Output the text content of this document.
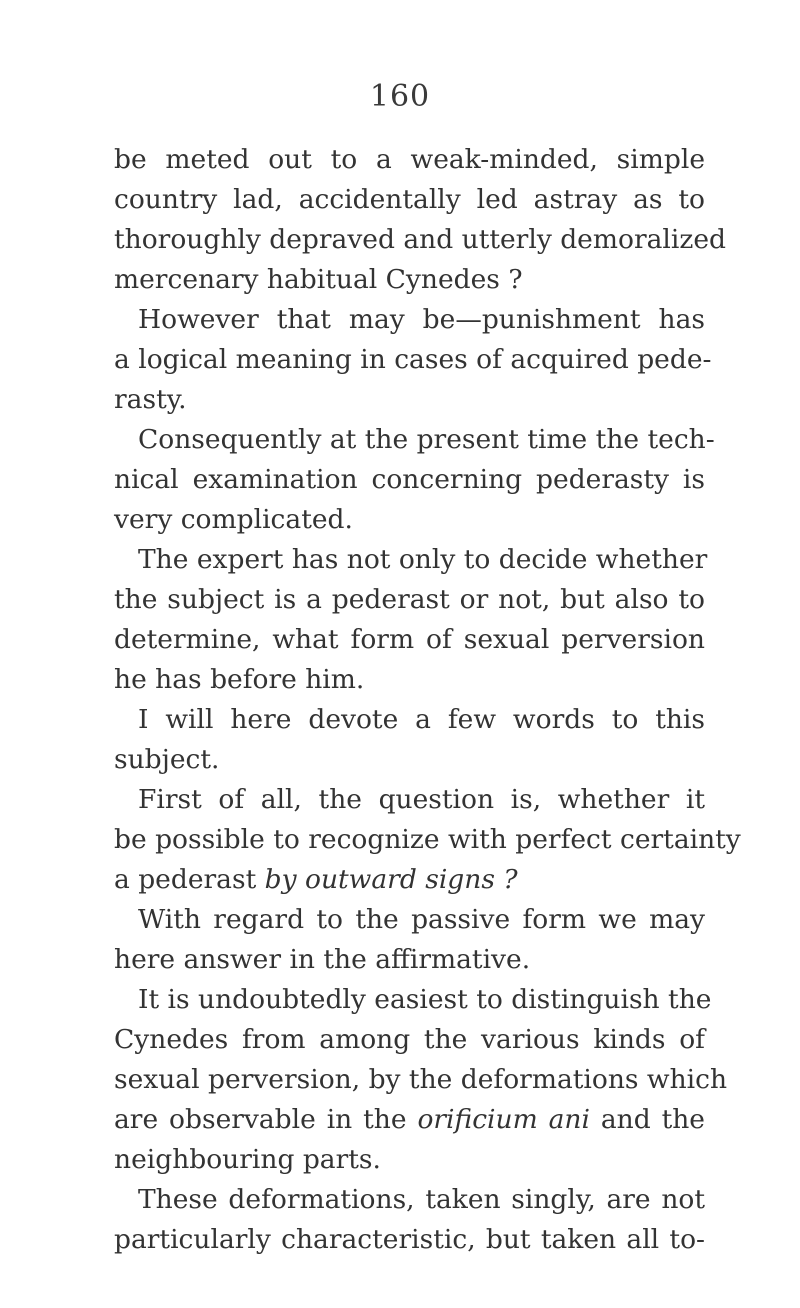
160
be meted out to a weak-minded, simple
country lad, accidentally led astray as to
thoroughly depraved and utterly demoralized
mercenary habitual Cynedes ?
However that may be—punishment has
a logical meaning in cases of acquired pede-
rasty.
Consequently at the present time the tech-
nical examination concerning pederasty is
very complicated.
The expert has not only to decide whether
the subject is a pederast or not, but also to
determine, what form of sexual perversion
he has before him.
I will here devote a few words to this
subject.
First of all, the question is, whether it
be possible to recognize with perfect certainty
a pederast by outward signs ?
With regard to the passive form we may
here answer in the affirmative.
It is undoubtedly easiest to distinguish the
Cynedes from among the various kinds of
sexual perversion, by the deformations which
are observable in the orificium ani and the
neighbouring parts.
These deformations, taken singly, are not
particularly characteristic, but taken all to-
